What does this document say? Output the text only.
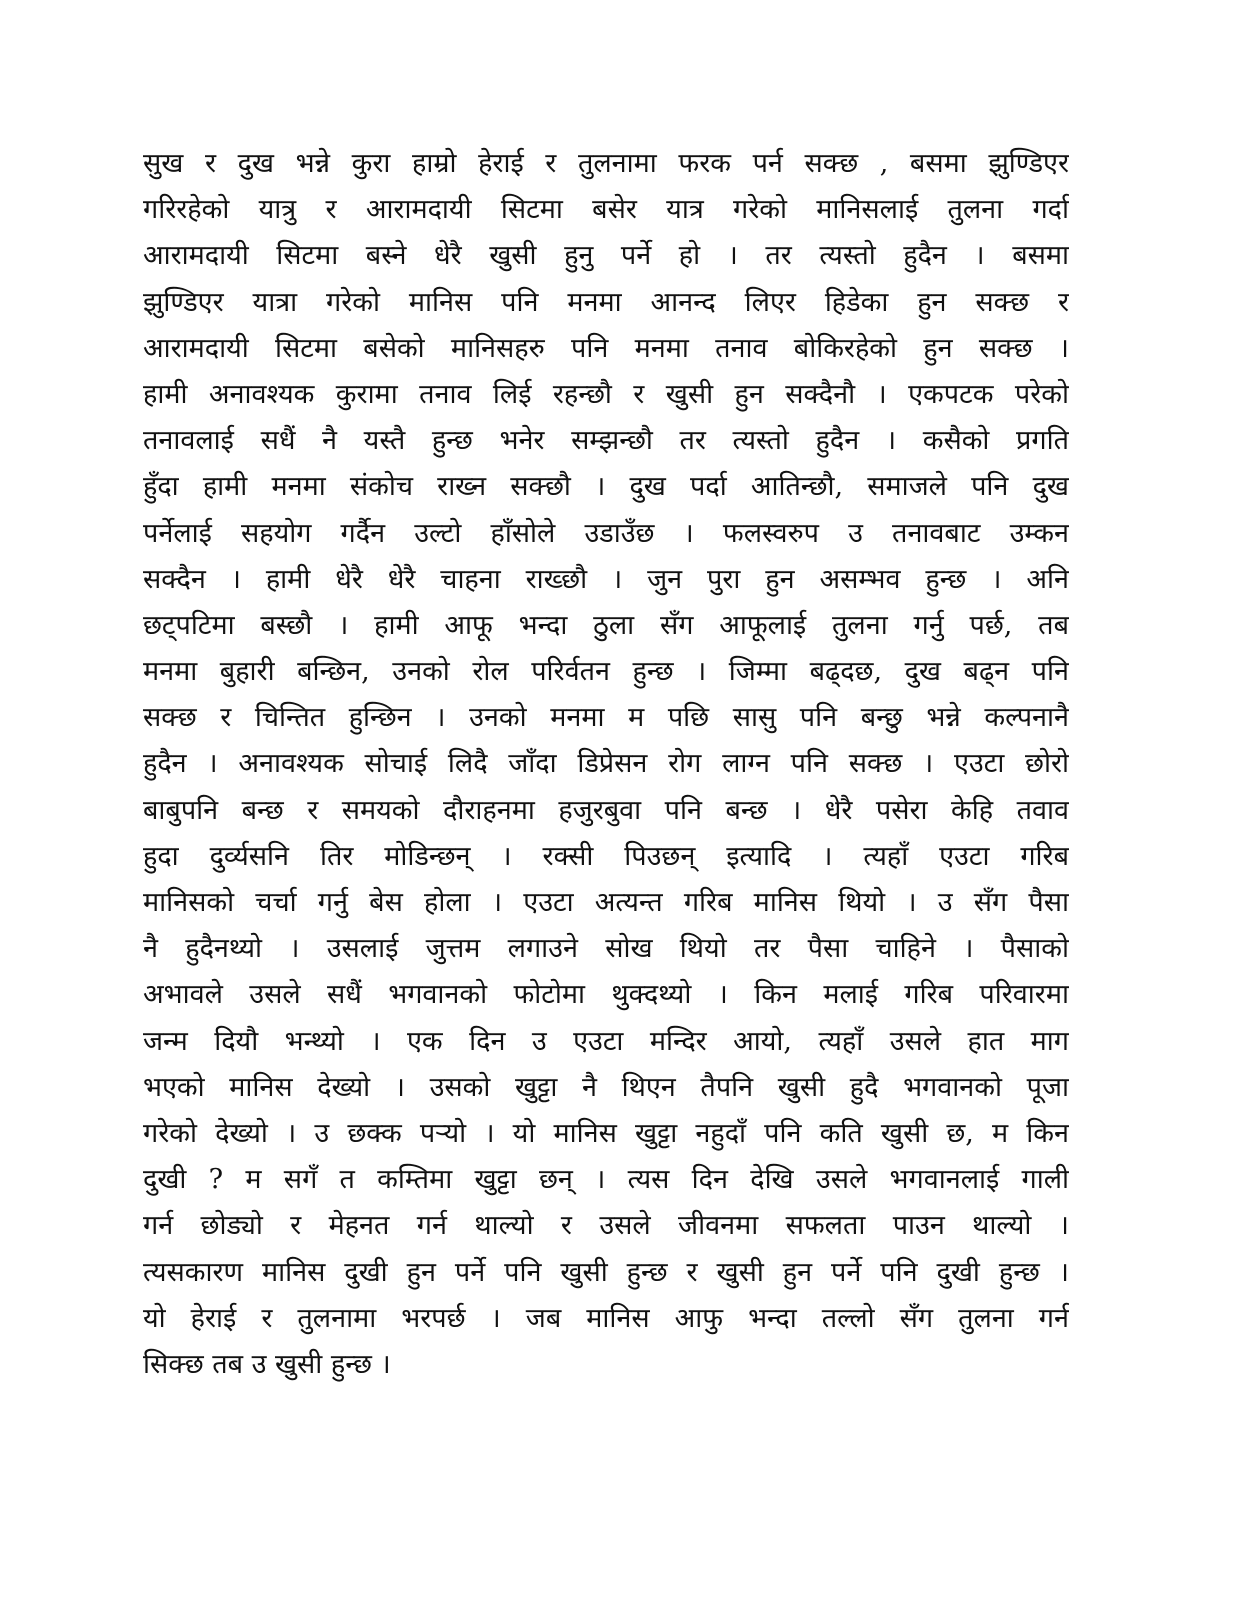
सुख र दुख भन्ने कुरा हाम्रो हेराई र तुलनामा फरक पर्न सक्छ , बसमा झुण्डिएर
गरिरहेको यात्रु र आरामदायी सिटमा बसेर यात्र गरेको मानिसलाई तुलना गर्दा
आरामदायी सिटमा बस्ने धेरै खुसी हुनु पर्ने हो । तर त्यस्तो हुदैन । बसमा
झुण्डिएर यात्रा गरेको मानिस पनि मनमा आनन्द लिएर हिडेका हुन सक्छ र
आरामदायी सिटमा बसेको मानिसहरु पनि मनमा तनाव बोकिरहेको हुन सक्छ ।
हामी अनावश्यक कुरामा तनाव लिई रहन्छौ र खुसी हुन सक्दैनौ । एकपटक परेको
तनावलाई सधैं नै यस्तै हुन्छ भनेर सम्झन्छौ तर त्यस्तो हुदैन । कसैको प्रगति
हुँदा हामी मनमा संकोच राख्न सक्छौ । दुख पर्दा आतिन्छौ, समाजले पनि दुख
पर्नेलाई सहयोग गर्दैन उल्टो हाँसोले उडाउँछ । फलस्वरुप उ तनावबाट उम्कन
सक्दैन । हामी धेरै धेरै चाहना राख्छौ । जुन पुरा हुन असम्भव हुन्छ । अनि
छट्पटिमा बस्छौ । हामी आफू भन्दा ठुला सँग आफूलाई तुलना गर्नु पर्छ, तब
मनमा बुहारी बन्छिन, उनको रोल परिर्वतन हुन्छ । जिम्मा बढ्दछ, दुख बढ्न पनि
सक्छ र चिन्तित हुन्छिन । उनको मनमा म पछि सासु पनि बन्छु भन्ने कल्पनानै
हुदैन । अनावश्यक सोचाई लिदै जाँदा डिप्रेसन रोग लाग्न पनि सक्छ । एउटा छोरो
बाबुपनि बन्छ र समयको दौराहनमा हजुरबुवा पनि बन्छ । धेरै पसेरा केहि तवाव
हुदा दुर्व्यसनि तिर मोडिन्छन् । रक्सी पिउछन् इत्यादि । त्यहाँ एउटा गरिब
मानिसको चर्चा गर्नु बेस होला । एउटा अत्यन्त गरिब मानिस थियो । उ सँग पैसा
नै हुदैनथ्यो । उसलाई जुत्तम लगाउने सोख थियो तर पैसा चाहिने । पैसाको
अभावले उसले सधैं भगवानको फोटोमा थुक्दथ्यो । किन मलाई गरिब परिवारमा
जन्म दियौ भन्थ्यो । एक दिन उ एउटा मन्दिर आयो, त्यहाँ उसले हात माग
भएको मानिस देख्यो । उसको खुट्टा नै थिएन तैपनि खुसी हुदै भगवानको पूजा
गरेको देख्यो । उ छक्क पऱ्यो । यो मानिस खुट्टा नहुदाँ पनि कति खुसी छ, म किन
दुखी ? म सगँ त कम्तिमा खुट्टा छन् । त्यस दिन देखि उसले भगवानलाई गाली
गर्न छोड्यो र मेहनत गर्न थाल्यो र उसले जीवनमा सफलता पाउन थाल्यो ।
त्यसकारण मानिस दुखी हुन पर्ने पनि खुसी हुन्छ र खुसी हुन पर्ने पनि दुखी हुन्छ ।
यो हेराई र तुलनामा भरपर्छ । जब मानिस आफु भन्दा तल्लो सँग तुलना गर्न
सिक्छ तब उ खुसी हुन्छ ।
